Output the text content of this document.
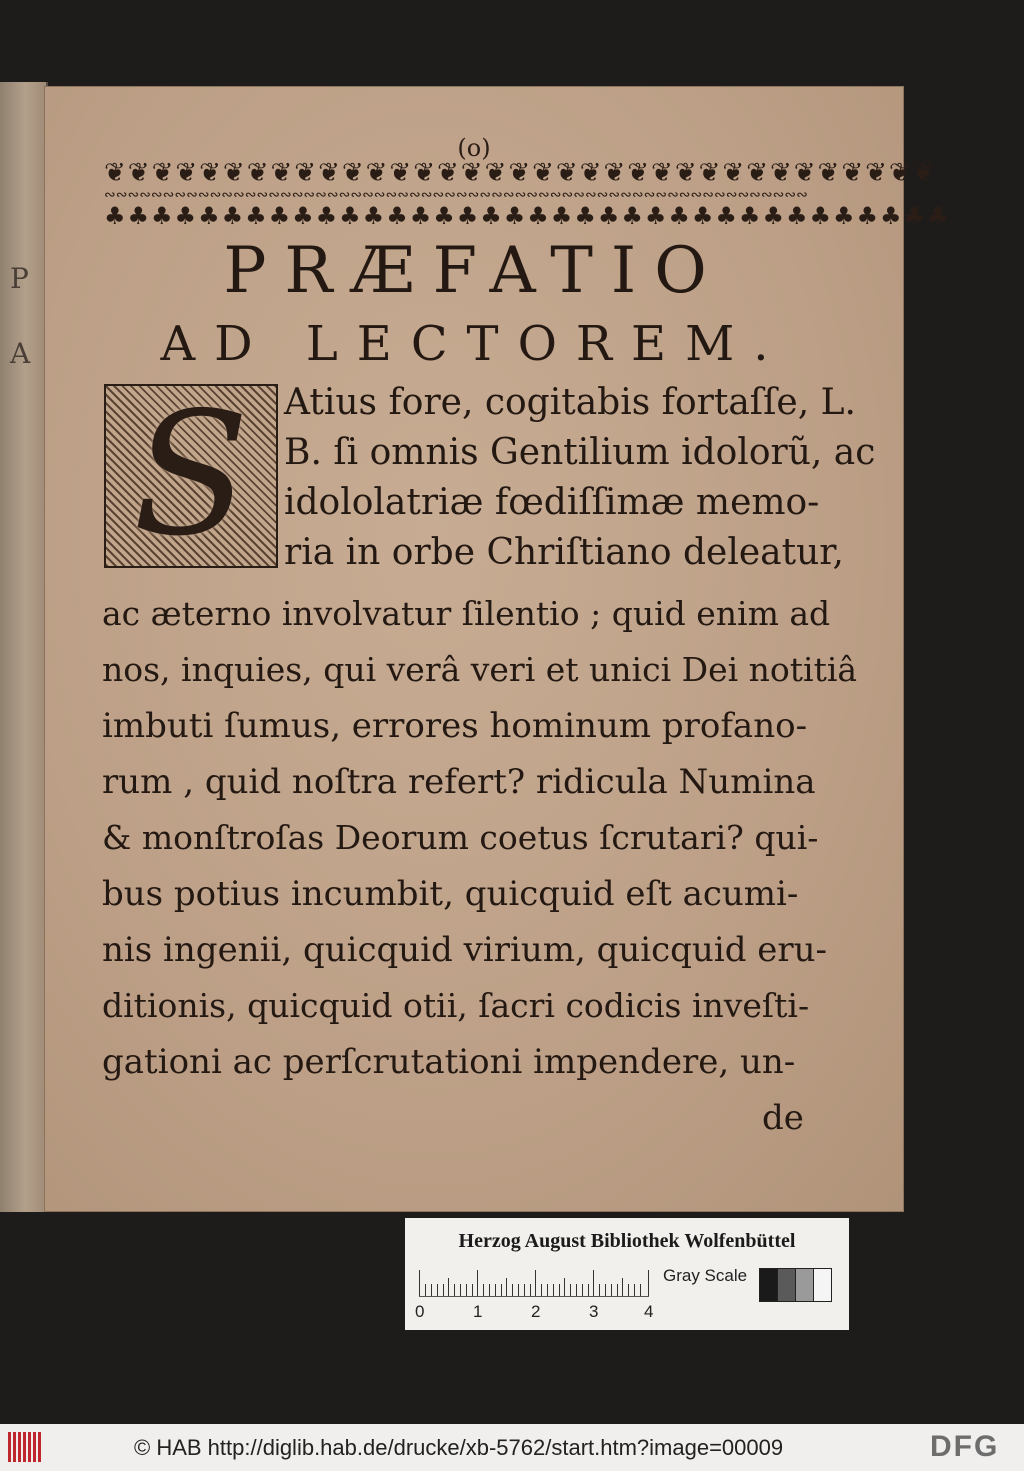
P
A
(o)
❦❦❦❦❦❦❦❦❦❦❦❦❦❦❦❦❦❦❦❦❦❦❦❦❦❦❦❦❦❦❦❦❦❦❦
∾∾∾∾∾∾∾∾∾∾∾∾∾∾∾∾∾∾∾∾∾∾∾∾∾∾∾∾∾∾∾∾∾∾∾∾∾∾∾∾∾∾∾∾∾∾∾∾∾∾∾∾∾∾∾∾∾∾∾∾
♣♣♣♣♣♣♣♣♣♣♣♣♣♣♣♣♣♣♣♣♣♣♣♣♣♣♣♣♣♣♣♣♣♣♣♣
PRÆFATIO
AD LECTOREM.
S Atius fore, cogitabis fortaſſe, L.
B. ſi omnis Gentilium idolorũ, ac
idololatriæ fœdiſſimæ memo-
ria in orbe Chriſtiano deleatur,
ac æterno involvatur ſilentio ; quid enim ad
nos, inquies, qui verâ veri et unici Dei notitiâ
imbuti ſumus, errores hominum profano-
rum , quid noſtra refert? ridicula Numina
& monſtroſas Deorum coetus ſcrutari? qui-
bus potius incumbit, quicquid eſt acumi-
nis ingenii, quicquid virium, quicquid eru-
ditionis, quicquid otii, ſacri codicis inveſti-
gationi ac perſcrutationi impendere, un-
de
Herzog August Bibliothek Wolfenbüttel
0	1	2	3	4
Gray Scale
© HAB http://diglib.hab.de/drucke/xb-5762/start.htm?image=00009	DFG
